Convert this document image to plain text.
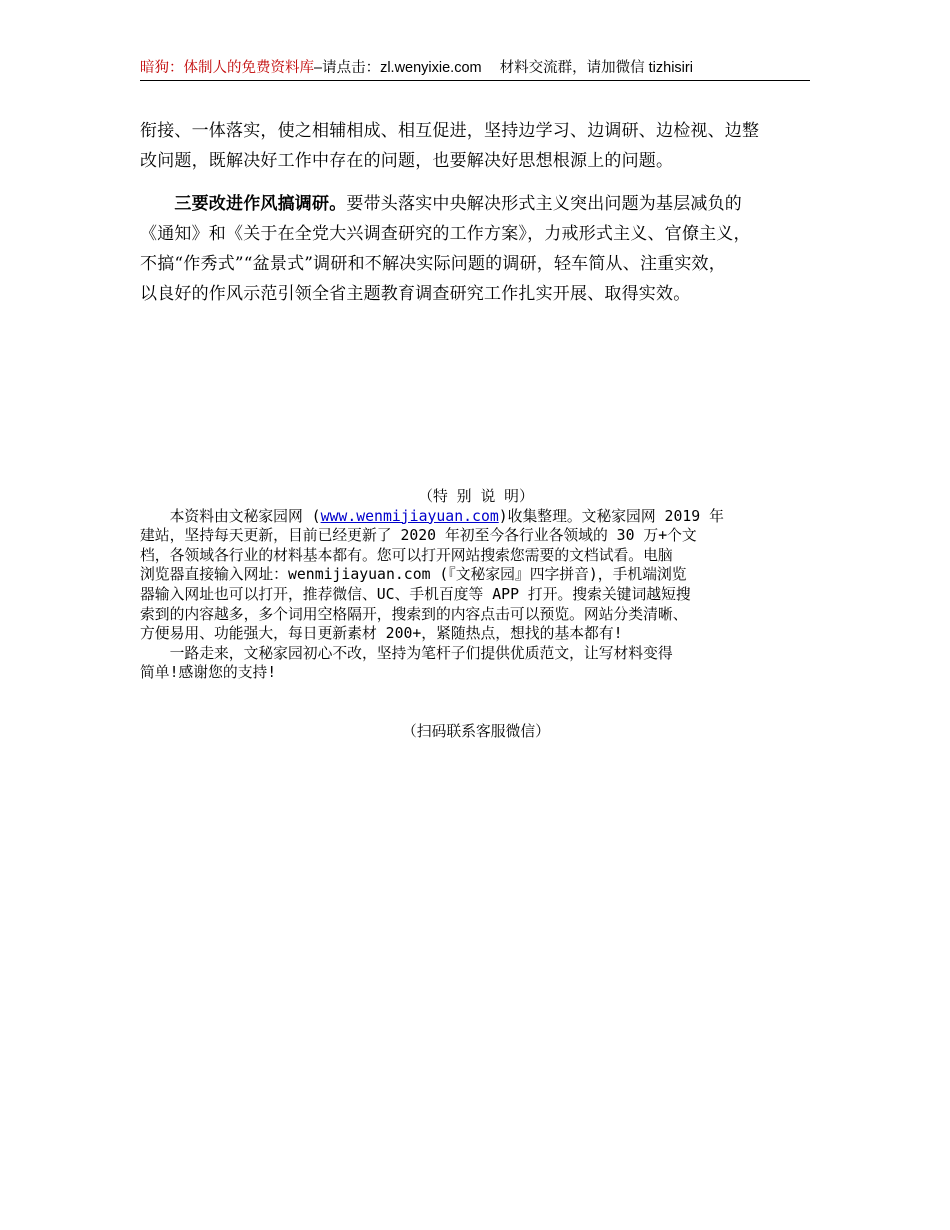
暗狗：体制人的免费资料库–请点击：zl.wenyixie.com 材料交流群，请加微信 tizhisiri
衔接、一体落实，使之相辅相成、相互促进，坚持边学习、边调研、边检视、边整
改问题，既解决好工作中存在的问题，也要解决好思想根源上的问题。
　　三要改进作风搞调研。要带头落实中央解决形式主义突出问题为基层减负的
《通知》和《关于在全党大兴调查研究的工作方案》，力戒形式主义、官僚主义，
不搞“作秀式”“盆景式”调研和不解决实际问题的调研，轻车简从、注重实效，
以良好的作风示范引领全省主题教育调查研究工作扎实开展、取得实效。
（特 别 说 明）
　　本资料由文秘家园网 (www.wenmijiayuan.com)收集整理。文秘家园网 2019 年
建站，坚持每天更新，目前已经更新了 2020 年初至今各行业各领域的 30 万+个文
档，各领域各行业的材料基本都有。您可以打开网站搜索您需要的文档试看。电脑
浏览器直接输入网址：wenmijiayuan.com (『文秘家园』四字拼音)，手机端浏览
器输入网址也可以打开，推荐微信、UC、手机百度等 APP 打开。搜索关键词越短搜
索到的内容越多，多个词用空格隔开，搜索到的内容点击可以预览。网站分类清晰、
方便易用、功能强大，每日更新素材 200+，紧随热点，想找的基本都有!
　　一路走来，文秘家园初心不改，坚持为笔杆子们提供优质范文，让写材料变得
简单!感谢您的支持!
（扫码联系客服微信）
